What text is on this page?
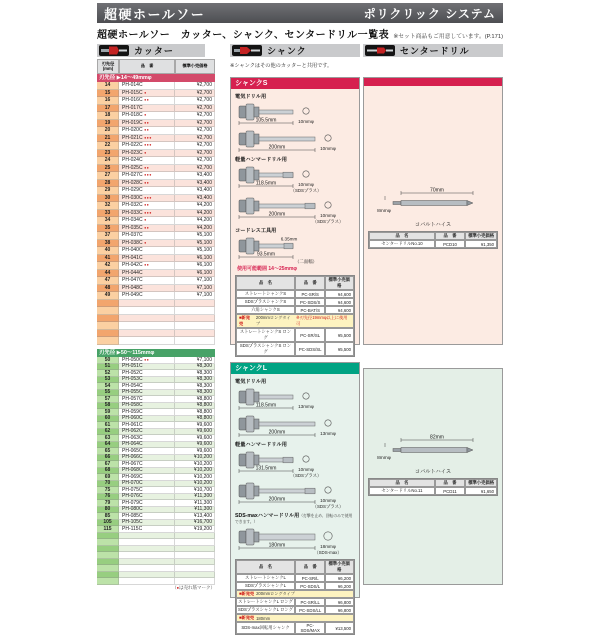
超硬ホールソー	ポリクリック システム
超硬ホールソー　カッター、シャンク、センタードリル一覧表 ※セット商品もご用意しています。(P.171)
カッター	シャンク	センタードリル
刃先径(mm)	品　番	標準小売価格
刃先径 ▶14〜49mmφ
14	PH-014C	¥2,700
15	PH-015C ●	¥2,700
16	PH-016C ●●	¥2,700
17	PH-017C	¥2,700
18	PH-018C ●	¥2,700
19	PH-019C ●●	¥2,700
20	PH-020C ●●	¥2,700
21	PH-021C ●●●	¥2,700
22	PH-022C ●●●	¥2,700
23	PH-023C ●	¥2,700
24	PH-024C	¥2,700
25	PH-025C ●●	¥2,700
27	PH-027C ●●●	¥3,400
28	PH-028C ●●	¥3,400
29	PH-029C	¥3,400
30	PH-030C ●●●	¥3,400
32	PH-032C ●●	¥4,200
33	PH-033C ●●●	¥4,200
34	PH-034C ●	¥4,200
35	PH-035C ●●	¥4,200
37	PH-037C	¥5,100
38	PH-038C ●	¥5,100
40	PH-040C	¥5,100
41	PH-041C	¥6,100
42	PH-042C ●●	¥6,100
44	PH-044C	¥6,100
47	PH-047C	¥7,100
48	PH-048C	¥7,100
49	PH-049C	¥7,100
刃先径 ▶50〜115mmφ
50	PH-050C ●●	¥7,100
51	PH-051C	¥8,300
52	PH-052C	¥8,300
53	PH-053C	¥8,300
54	PH-054C	¥8,300
55	PH-055C	¥8,300
57	PH-057C	¥8,800
58	PH-058C	¥8,800
59	PH-059C	¥8,800
60	PH-060C	¥8,800
61	PH-061C	¥9,600
62	PH-062C	¥9,600
63	PH-063C	¥9,600
64	PH-064C	¥9,600
65	PH-065C	¥9,600
66	PH-066C	¥10,200
67	PH-067C	¥10,200
68	PH-068C	¥10,200
69	PH-069C	¥10,200
70	PH-070C	¥10,200
75	PH-075C	¥10,700
76	PH-076C	¥11,300
79	PH-079C	¥11,300
80	PH-080C	¥11,300
85	PH-085C	¥13,400
105	PH-105C	¥16,700
115	PH-115C	¥19,200
（●は売れ筋マーク）
※シャンクはその他のカッターと共用です。
シャンクS
電気ドリル用
105.5mm	10mmφ
200mm	10mmφ
軽量ハンマードリル用
118.5mm	10mmφ
（SDSプラス）
200mm	10mmφ
（SDSプラス）
コードレス工具用
6.35mm
93.5mm
（二面幅）
使用可能範囲 14〜25mmφ
品　名	品　番
標準小売価格
ストレートシャンクS	PC-SR/S	¥4,600
SDSプラスシャンクS	PC-SDS/S	¥4,600
六角シャンクS	PC-BAT/S	¥4,600
■新発売
200mmロングタイプ
※刃先径19mmφ以上に使用可
ストレートシャンクS ロング	PC-SR/SL	¥5,500
SDSプラスシャンクS ロング	PC-SDS/SL	¥5,500
シャンクL
電気ドリル用
118.5mm	13mmφ
200mm	13mmφ
軽量ハンマードリル用
131.5mm	10mmφ
（SDSプラス）
200mm	10mmφ
（SDSプラス）
SDS-maxハンマードリル用（打撃を止め、回転のみで使用できます。）
180mm	18mmφ
（SDS-max）
品　名	品　番
標準小売価格
ストレートシャンクL	PC-SR/L	¥6,200
SDSプラスシャンクL	PC-SDS/L	¥6,200
■新発売 200mmロングタイプ
ストレートシャンクL ロング	PC-SR/LL	¥6,800
SDSプラスシャンクL ロング	PC-SDS/LL	¥6,800
■新発売 180mm
SDS-max回転用シャンク	PC-SDS/MAX	¥13,500
70mm
8mmφ
コバルトハイス
品　名	品　番	標準小売価格
センタードリルNo.10	PCD10	¥1,350
82mm
8mmφ
コバルトハイス
品　名	品　番	標準小売価格
センタードリルNo.11	PCD11	¥1,650
